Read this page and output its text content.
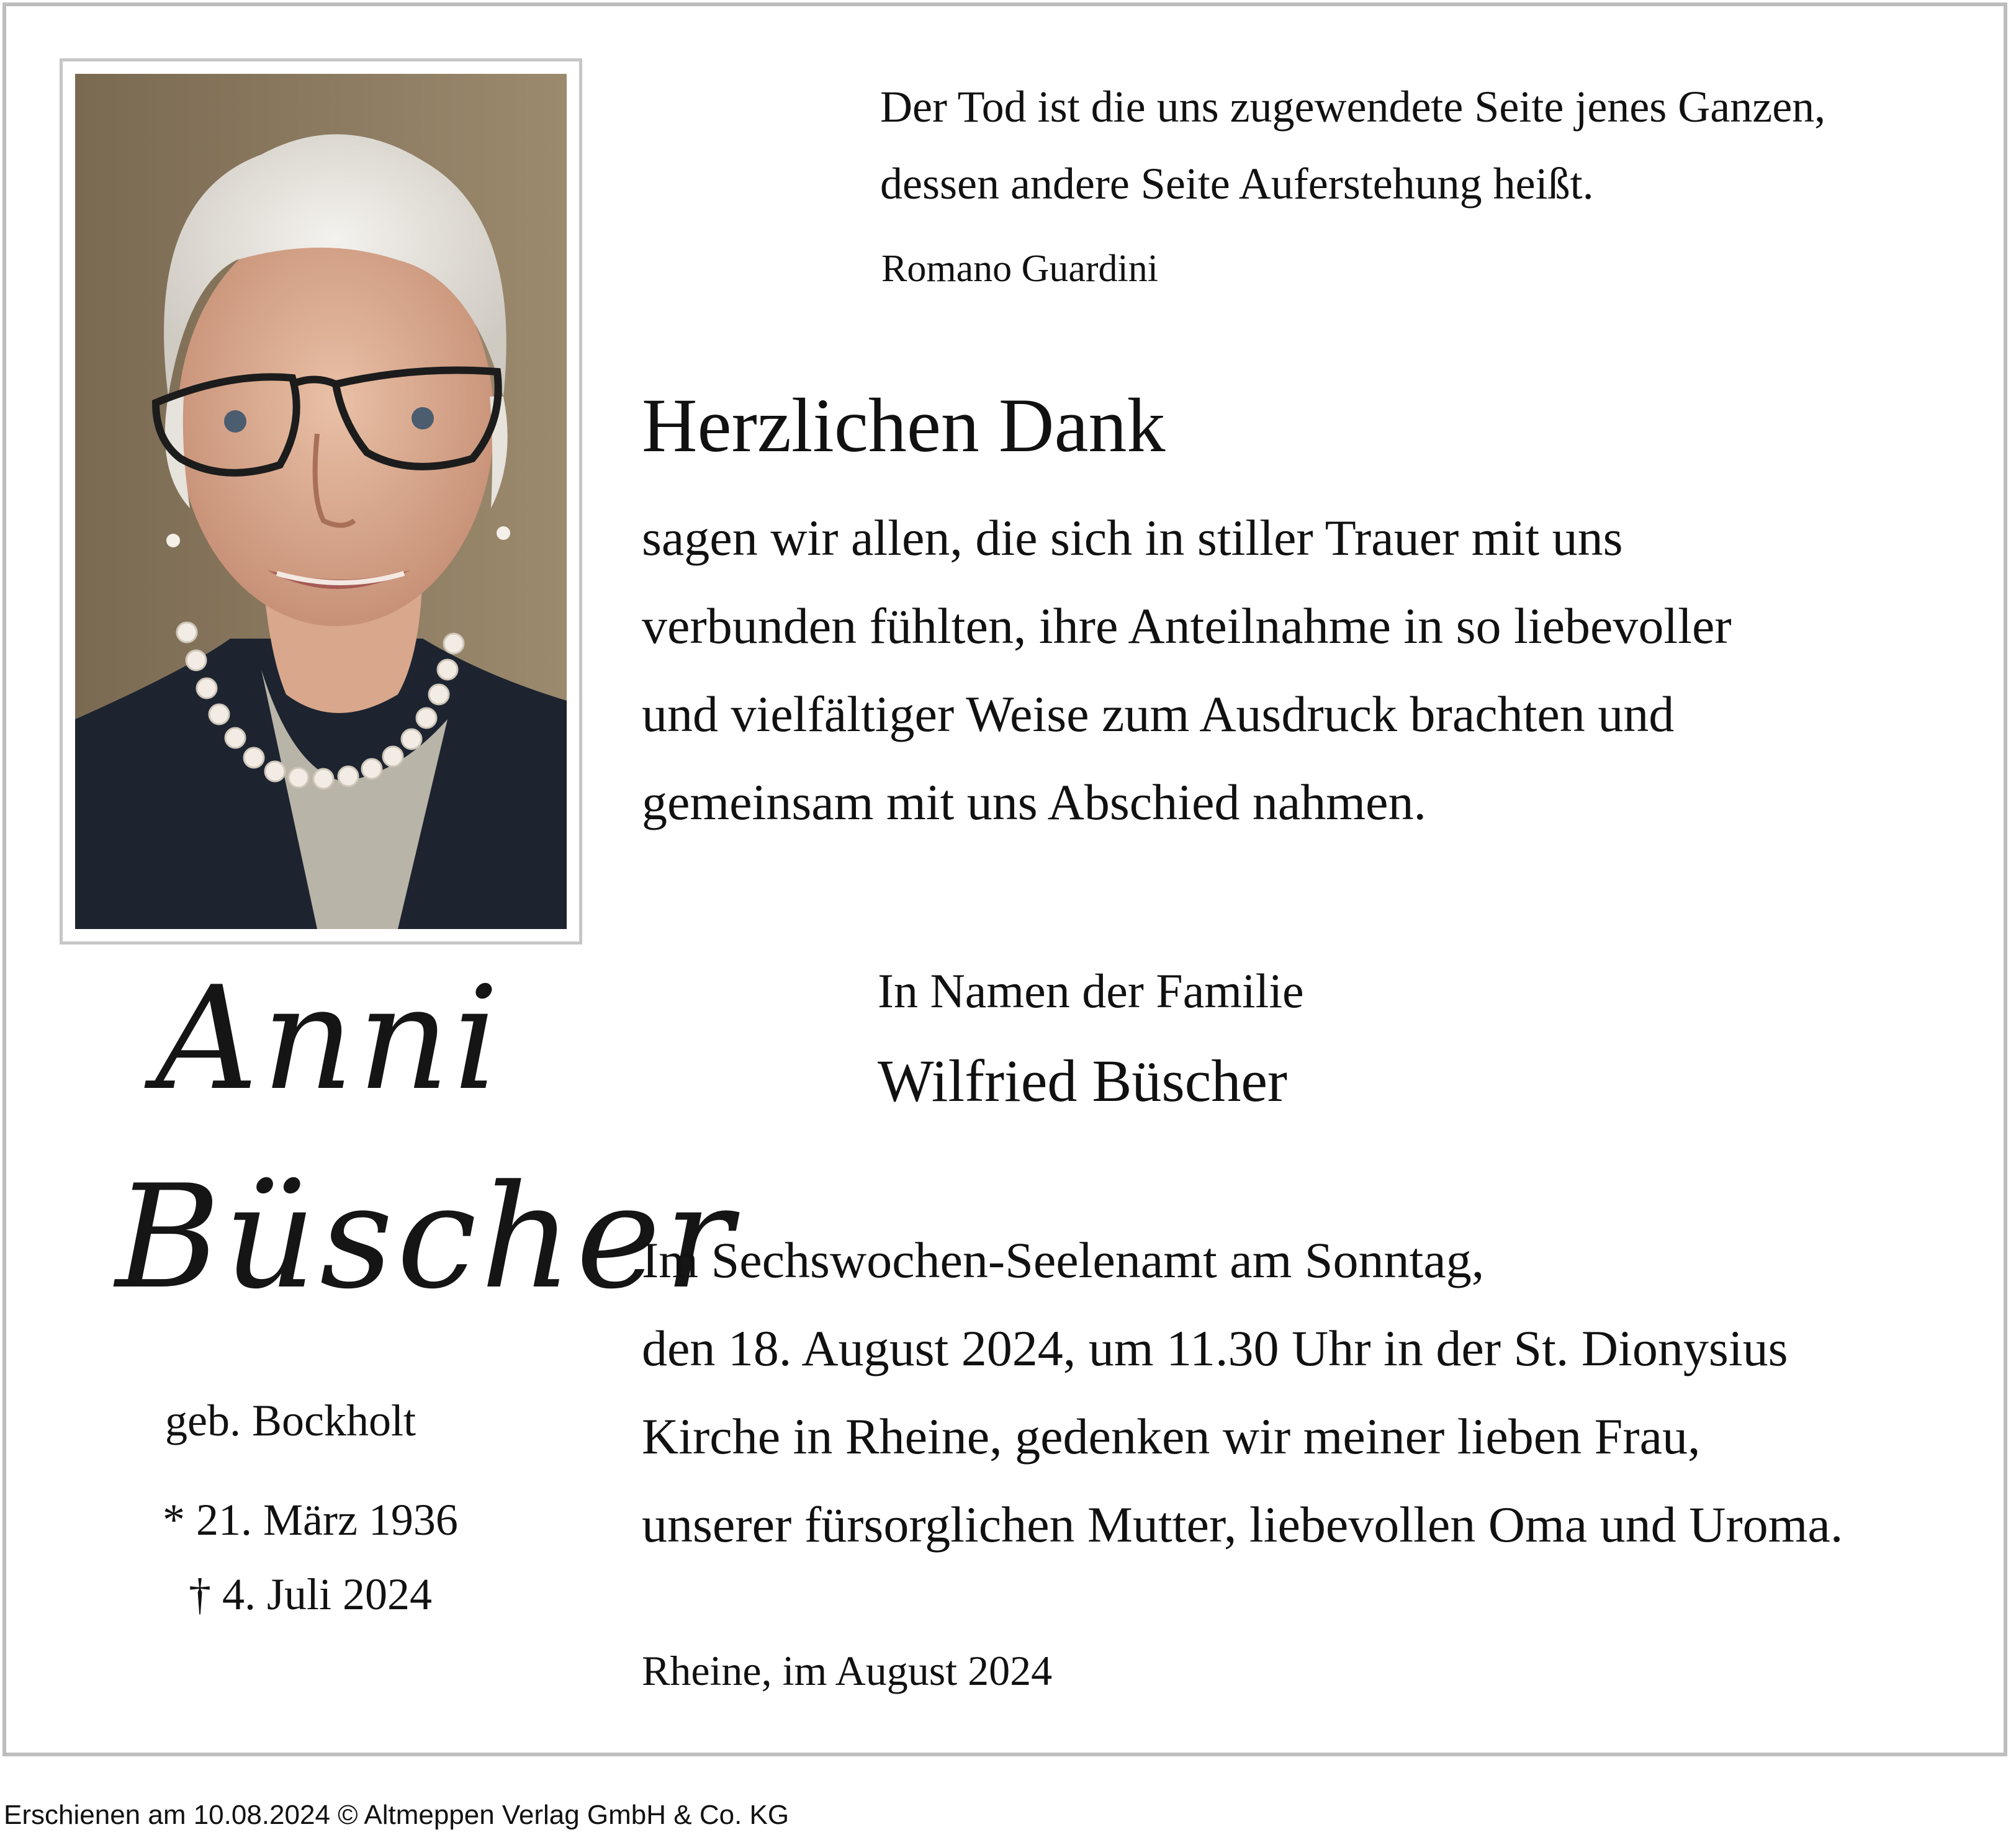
Der Tod ist die uns zugewendete Seite jenes Ganzen,
dessen andere Seite Auferstehung heißt.
Romano Guardini
Herzlichen Dank
sagen wir allen, die sich in stiller Trauer mit uns
verbunden fühlten, ihre Anteilnahme in so liebevoller
und vielfältiger Weise zum Ausdruck brachten und
gemeinsam mit uns Abschied nahmen.
In Namen der Familie
Wilfried Büscher
Anni
Büscher
geb. Bockholt
* 21. März 1936
† 4. Juli 2024
Im Sechswochen-Seelenamt am Sonntag,
den 18. August 2024, um 11.30 Uhr in der St. Dionysius
Kirche in Rheine, gedenken wir meiner lieben Frau,
unserer fürsorglichen Mutter, liebevollen Oma und Uroma.
Rheine, im August 2024
Erschienen am 10.08.2024 © Altmeppen Verlag GmbH & Co. KG
